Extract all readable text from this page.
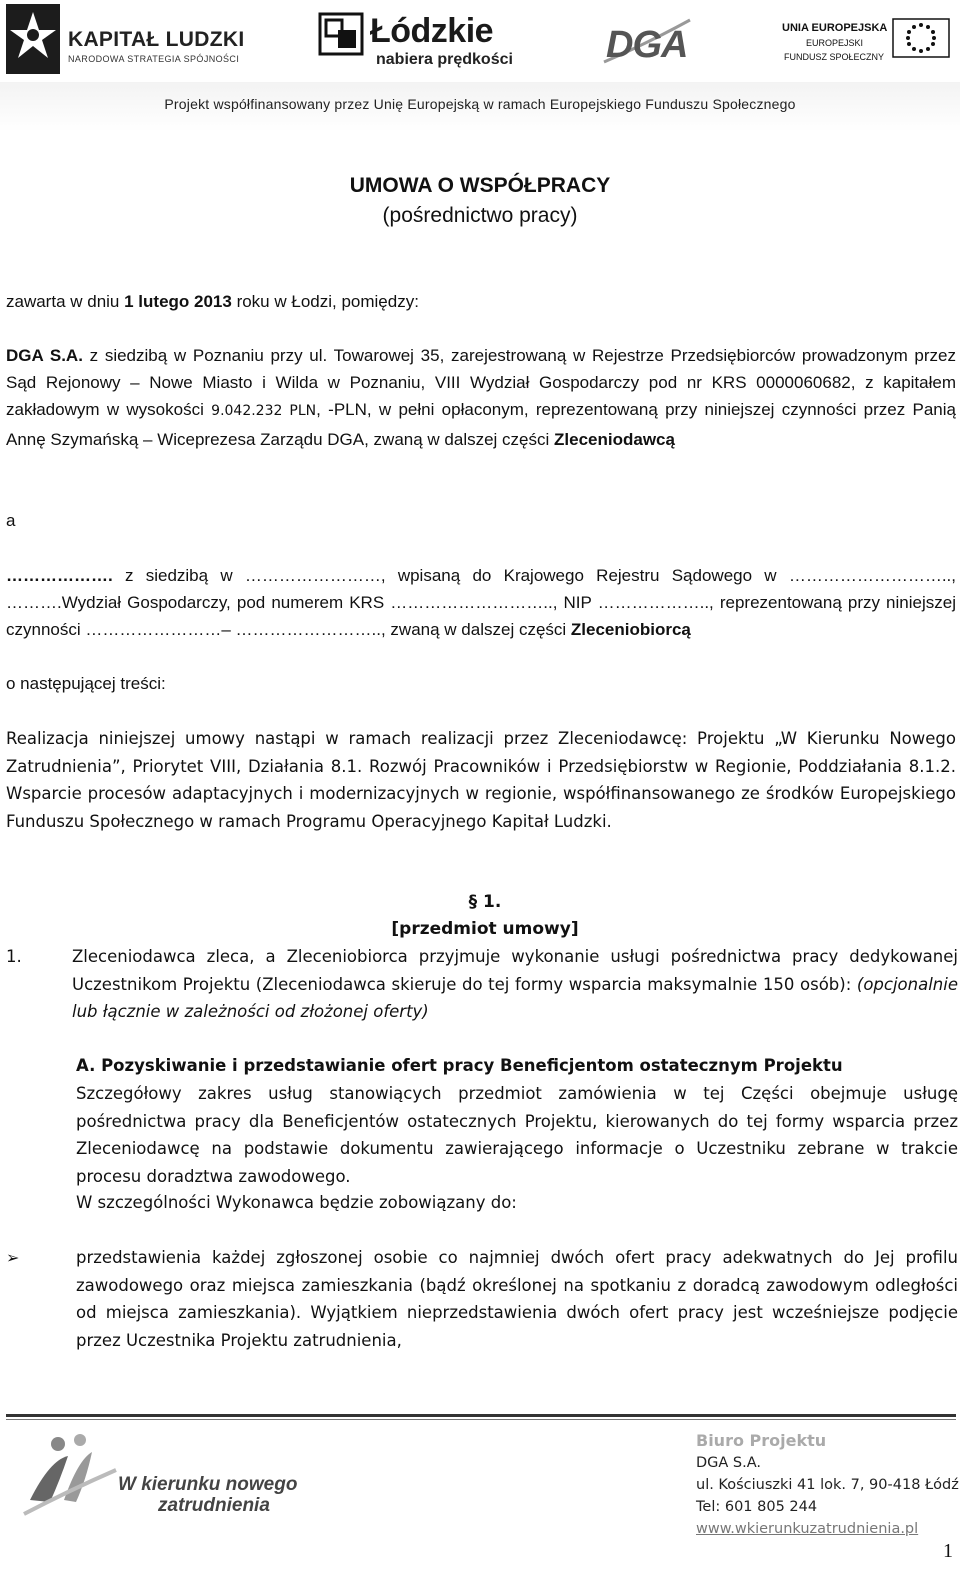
KAPITAŁ LUDZKI
NARODOWA STRATEGIA SPÓJNOŚCI
Łódzkie
nabiera prędkości DGA	UNIA EUROPEJSKA
EUROPEJSKI
FUNDUSZ SPOŁECZNY
Projekt współfinansowany przez Unię Europejską w ramach Europejskiego Funduszu Społecznego
UMOWA O WSPÓŁPRACY
(pośrednictwo pracy)
zawarta w dniu 1 lutego 2013 roku w Łodzi, pomiędzy:
DGA S.A. z siedzibą w Poznaniu przy ul. Towarowej 35, zarejestrowaną w Rejestrze Przedsiębiorców prowadzonym przez Sąd Rejonowy – Nowe Miasto i Wilda w Poznaniu, VIII Wydział Gospodarczy pod nr KRS 0000060682, z kapitałem zakładowym w wysokości 9.042.232 PLN, -PLN, w pełni opłaconym, reprezentowaną przy niniejszej czynności przez Panią Annę Szymańską – Wiceprezesa Zarządu DGA, zwaną w dalszej części Zleceniodawcą
a
………………. z siedzibą w ……………………, wpisaną do Krajowego Rejestru Sądowego w ……………………….., ……….Wydział Gospodarczy, pod numerem KRS ……………………….., NIP ……………….., reprezentowaną przy niniejszej czynności ……………………– …………………….., zwaną w dalszej części Zleceniobiorcą
o następującej treści:
Realizacja niniejszej umowy nastąpi w ramach realizacji przez Zleceniodawcę: Projektu „W Kierunku Nowego Zatrudnienia”, Priorytet VIII, Działania 8.1. Rozwój Pracowników i Przedsiębiorstw w Regionie, Poddziałania 8.1.2. Wsparcie procesów adaptacyjnych i modernizacyjnych w regionie, współfinansowanego ze środków Europejskiego Funduszu Społecznego w ramach Programu Operacyjnego Kapitał Ludzki.
§ 1.
[przedmiot umowy]
1.	Zleceniodawca zleca, a Zleceniobiorca przyjmuje wykonanie usługi pośrednictwa pracy dedykowanej Uczestnikom Projektu (Zleceniodawca skieruje do tej formy wsparcia maksymalnie 150 osób): (opcjonalnie lub łącznie w zależności od złożonej oferty)
A. Pozyskiwanie i przedstawianie ofert pracy Beneficjentom ostatecznym Projektu
Szczegółowy zakres usług stanowiących przedmiot zamówienia w tej Części obejmuje usługę pośrednictwa pracy dla Beneficjentów ostatecznych Projektu, kierowanych do tej formy wsparcia przez Zleceniodawcę na podstawie dokumentu zawierającego informacje o Uczestniku zebrane w trakcie procesu doradztwa zawodowego.
W szczególności Wykonawca będzie zobowiązany do:
➢	przedstawienia każdej zgłoszonej osobie co najmniej dwóch ofert pracy adekwatnych do Jej profilu zawodowego oraz miejsca zamieszkania (bądź określonej na spotkaniu z doradcą zawodowym odległości od miejsca zamieszkania). Wyjątkiem nieprzedstawienia dwóch ofert pracy jest wcześniejsze podjęcie przez Uczestnika Projektu zatrudnienia,
W kierunku nowego
zatrudnienia
Biuro Projektu
DGA S.A.
ul. Kościuszki 41 lok. 7, 90-418 Łódź
Tel: 601 805 244
www.wkierunkuzatrudnienia.pl
1
